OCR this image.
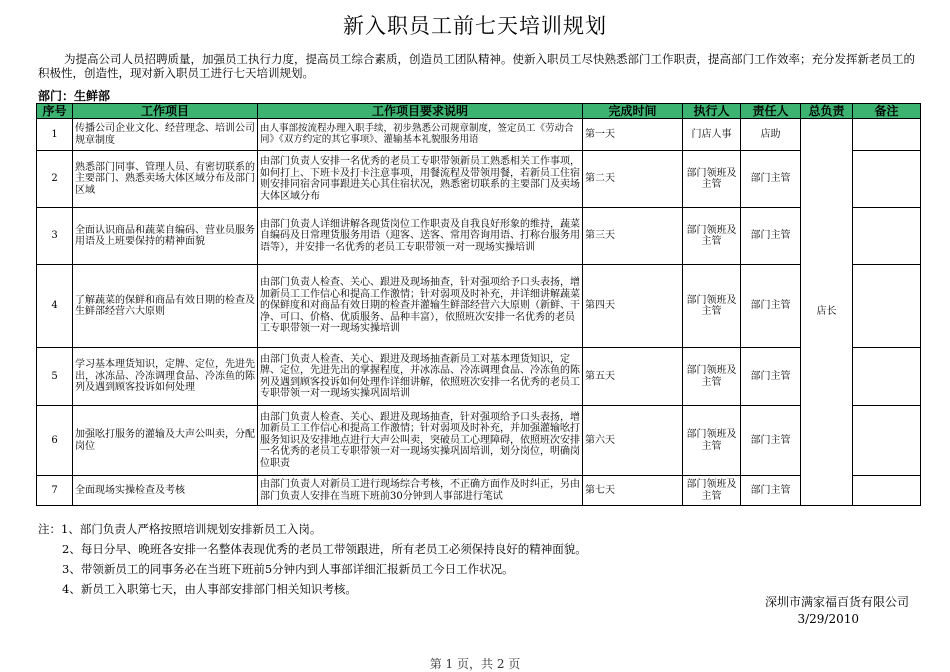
新入职员工前七天培训规划
为提高公司人员招聘质量，加强员工执行力度，提高员工综合素质，创造员工团队精神。使新入职员工尽快熟悉部门工作职责，提高部门工作效率；充分发挥新老员工的积极性，创造性，现对新入职员工进行七天培训规划。
部门：生鲜部
序号	工作项目	工作项目要求说明	完成时间	执行人	责任人	总负责	备注
1	传播公司企业文化、经营理念、培训公司规章制度	由人事部按流程办理入职手续，初步熟悉公司规章制度，签定员工《劳动合同》《双方约定的其它事项》、灌输基本礼貌服务用语	第一天	门店人事	店助	店长	
2	熟悉部门同事、管理人员、有密切联系的主要部门、熟悉卖场大体区域分布及部门区域	由部门负责人安排一名优秀的老员工专职带领新员工熟悉相关工作事项，如何打上、下班卡及打卡注意事项，用餐流程及带领用餐，若新员工住宿则安排同宿舍同事跟进关心其住宿状况，熟悉密切联系的主要部门及卖场大体区域分布	第二天	部门领班及主管	部门主管		
3	全面认识商品和蔬菜自编码、营业员服务用语及上班要保持的精神面貌	由部门负责人详细讲解各现货岗位工作职责及自我良好形象的维持，蔬菜自编码及日常理货服务用语（迎客、送客、常用咨询用语、打称台服务用语等），并安排一名优秀的老员工专职带领一对一现场实操培训	第三天	部门领班及主管	部门主管		
4	了解蔬菜的保鲜和商品有效日期的检查及生鲜部经营六大原则	由部门负责人检查、关心、跟进及现场抽查，针对强项给予口头表扬，增加新员工工作信心和提高工作激情；针对弱项及时补充，并详细讲解蔬菜的保鲜度和对商品有效日期的检查并灌输生鲜部经营六大原则（新鲜、干净、可口、价格、优质服务、品种丰富），依照班次安排一名优秀的老员工专职带领一对一现场实操培训	第四天	部门领班及主管	部门主管		
5	学习基本理货知识，定牌、定位，先进先出，冰冻品、冷冻调理食品、冷冻鱼的陈列及遇到顾客投诉如何处理	由部门负责人检查、关心、跟进及现场抽查新员工对基本理货知识，定牌、定位，先进先出的掌握程度，并冰冻品、冷冻调理食品、冷冻鱼的陈列及遇到顾客投诉如何处理作详细讲解，依照班次安排一名优秀的老员工专职带领一对一现场实操巩固培训	第五天	部门领班及主管	部门主管		
6	加强吆打服务的灌输及大声公叫卖，分配岗位	由部门负责人检查、关心、跟进及现场抽查，针对强项给予口头表扬，增加新员工工作信心和提高工作激情；针对弱项及时补充，并加强灌输吆打服务知识及安排地点进行大声公叫卖，突破员工心理障碍，依照班次安排一名优秀的老员工专职带领一对一现场实操巩固培训，划分岗位，明确岗位职责	第六天	部门领班及主管	部门主管		
7	全面现场实操检查及考核	由部门负责人对新员工进行现场综合考核，不正确方面作及时纠正，另由部门负责人安排在当班下班前30分钟到人事部进行笔试	第七天	部门领班及主管	部门主管		
注：1、部门负责人严格按照培训规划安排新员工入岗。
2、每日分早、晚班各安排一名整体表现优秀的老员工带领跟进，所有老员工必须保持良好的精神面貌。
3、带领新员工的同事务必在当班下班前5分钟内到人事部详细汇报新员工今日工作状况。
4、新员工入职第七天，由人事部安排部门相关知识考核。
深圳市满家福百货有限公司
3/29/2010
第 1 页，共 2 页
